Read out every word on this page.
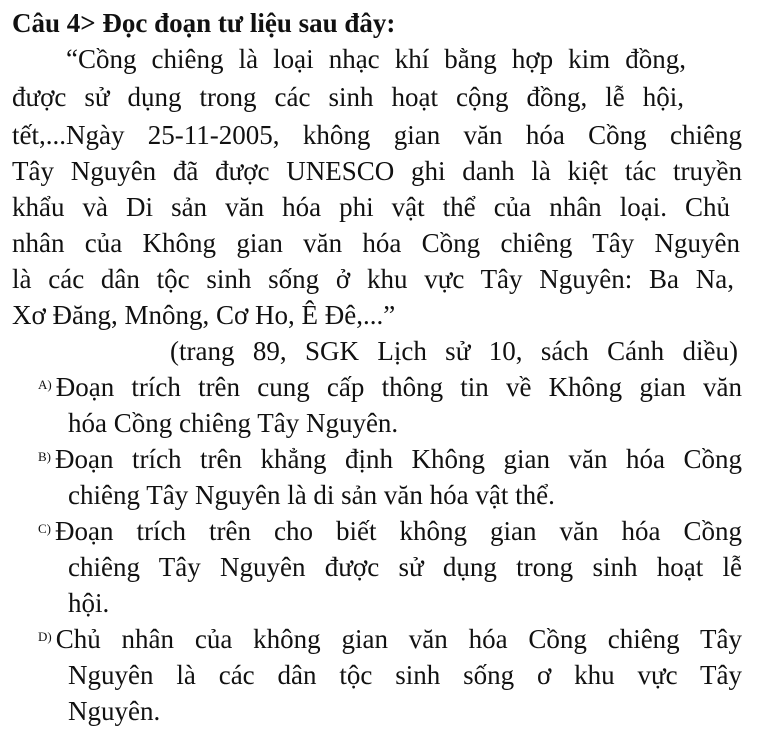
Câu 4> Đọc đoạn tư liệu sau đây:
“Cồng chiêng là loại nhạc khí bằng hợp kim đồng,
được sử dụng trong các sinh hoạt cộng đồng, lễ hội,
tết,...Ngày 25-11-2005, không gian văn hóa Cồng chiêng
Tây Nguyên đã được UNESCO ghi danh là kiệt tác truyền
khẩu và Di sản văn hóa phi vật thể của nhân loại. Chủ
nhân của Không gian văn hóa Cồng chiêng Tây Nguyên
là các dân tộc sinh sống ở khu vực Tây Nguyên: Ba Na,
Xơ Đăng, Mnông, Cơ Ho, Ê Đê,...”
(trang 89, SGK Lịch sử 10, sách Cánh diều)
A) Đoạn trích trên cung cấp thông tin về Không gian văn
hóa Cồng chiêng Tây Nguyên.
B) Đoạn trích trên khẳng định Không gian văn hóa Cồng
chiêng Tây Nguyên là di sản văn hóa vật thể.
C) Đoạn trích trên cho biết không gian văn hóa Cồng
chiêng Tây Nguyên được sử dụng trong sinh hoạt lễ
hội.
D) Chủ nhân của không gian văn hóa Cồng chiêng Tây
Nguyên là các dân tộc sinh sống ơ khu vực Tây
Nguyên.
